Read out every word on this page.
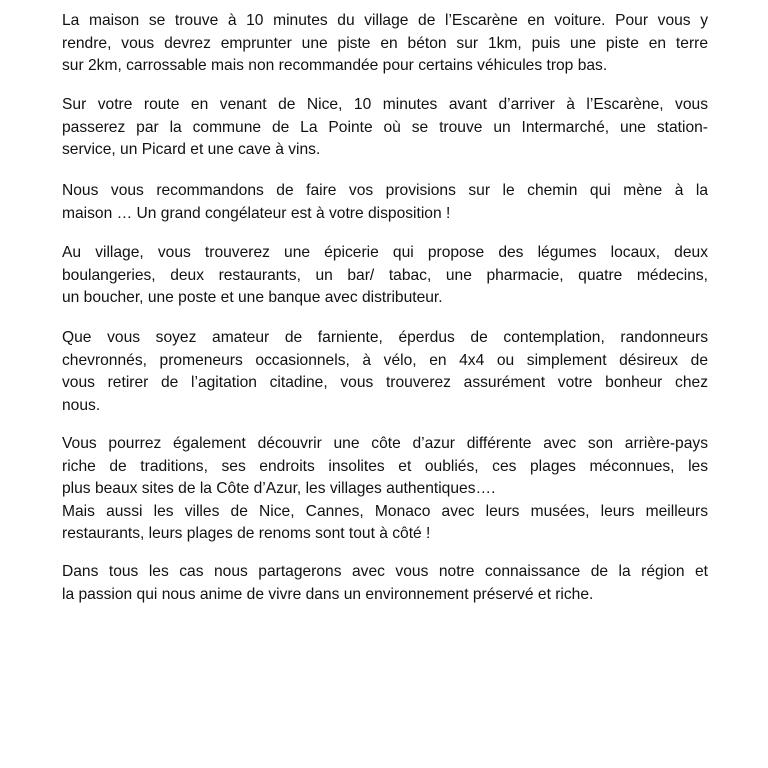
La maison se trouve à 10 minutes du village de l’Escarène en voiture. Pour vous y
rendre, vous devrez emprunter une piste en béton sur 1km, puis une piste en terre
sur 2km, carrossable mais non recommandée pour certains véhicules trop bas.

Sur votre route en venant de Nice, 10 minutes avant d’arriver à l’Escarène, vous
passerez par la commune de La Pointe où se trouve un Intermarché, une station-
service, un Picard et une cave à vins.

Nous vous recommandons de faire vos provisions sur le chemin qui mène à la
maison … Un grand congélateur est à votre disposition !

Au village, vous trouverez une épicerie qui propose des légumes locaux, deux
boulangeries, deux restaurants, un bar/ tabac, une pharmacie, quatre médecins,
un boucher, une poste et une banque avec distributeur.

Que vous soyez amateur de farniente, éperdus de contemplation, randonneurs
chevronnés, promeneurs occasionnels, à vélo, en 4x4 ou simplement désireux de
vous retirer de l’agitation citadine, vous trouverez assurément votre bonheur chez
nous.

Vous pourrez également découvrir une côte d’azur différente avec son arrière-pays
riche de traditions, ses endroits insolites et oubliés, ces plages méconnues, les
plus beaux sites de la Côte d’Azur, les villages authentiques….
Mais aussi les villes de Nice, Cannes, Monaco avec leurs musées, leurs meilleurs
restaurants, leurs plages de renoms sont tout à côté !

Dans tous les cas nous partagerons avec vous notre connaissance de la région et
la passion qui nous anime de vivre dans un environnement préservé et riche.
